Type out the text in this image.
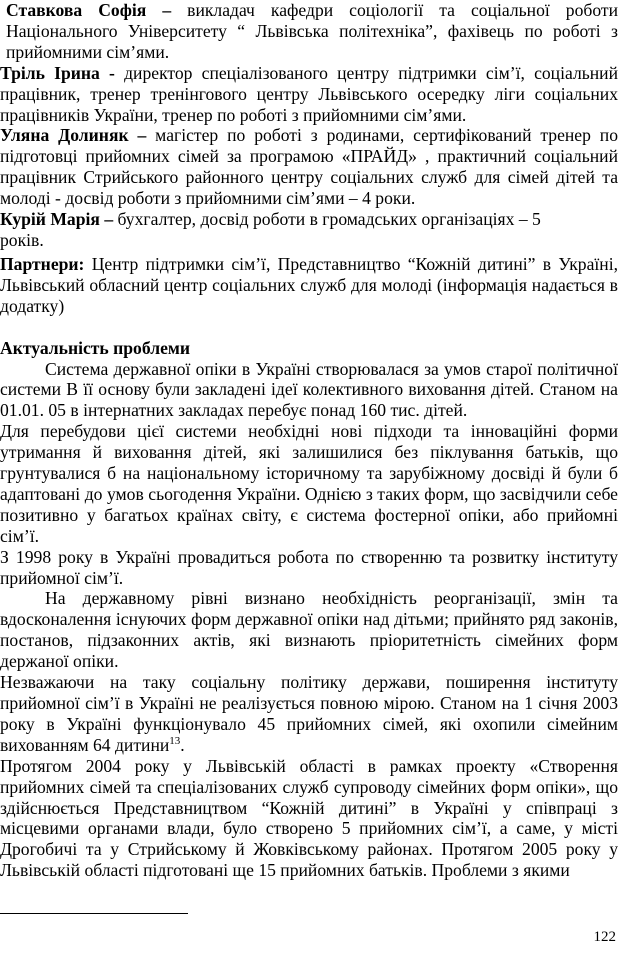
Ставкова Софія – викладач кафедри соціології та соціальної роботи Національного Університету “ Львівська політехніка”, фахівець по роботі з прийомними сім’ями.

Тріль Ірина - директор спеціалізованого центру підтримки сім’ї, соціальний працівник, тренер тренінгового центру Львівського осередку ліги соціальних працівників України, тренер по роботі з прийомними сім’ями.

Уляна Долиняк – магістер по роботі з родинами, сертифікований тренер по підготовці прийомних сімей за програмою «ПРАЙД» , практичний соціальний працівник Стрийського районного центру соціальних служб для сімей дітей та молоді - досвід роботи з прийомними сім’ями – 4 роки.

Курій Марія – бухгалтер, досвід роботи в громадських організаціях – 5 років.

Партнери: Центр підтримки сім’ї, Представництво “Кожній дитині” в Україні, Львівський обласний центр соціальних служб для молоді (інформація надається в додатку)

Актуальність проблеми

Система державної опіки в Україні створювалася за умов старої політичної системи В її основу були закладені ідеї колективного виховання дітей. Станом на 01.01. 05 в інтернатних закладах перебує понад 160 тис. дітей.

Для перебудови цієї системи необхідні нові підходи та інноваційні форми утримання й виховання дітей, які залишилися без піклування батьків, що грунтувалися б на національному історичному та зарубіжному досвіді й були б адаптовані до умов сьогодення України. Однією з таких форм, що засвідчили себе позитивно у багатьох країнах світу, є система фостерної опіки, або прийомні сім’ї.

З 1998 року в Україні провадиться робота по створенню та розвитку інституту прийомної сім’ї.

На державному рівні визнано необхідність реорганізації, змін та вдосконалення існуючих форм державної опіки над дітьми; прийнято ряд законів, постанов, підзаконних актів, які визнають пріоритетність сімейних форм держаної опіки.

Незважаючи на таку соціальну політику держави, поширення інституту прийомної сім’ї в Україні не реалізується повною мірою. Станом на 1 січня 2003 року в Україні функціонувало 45 прийомних сімей, які охопили сімейним вихованням 64 дитини$^{13}$.

Протягом 2004 року у Львівській області в рамках проекту «Створення прийомних сімей та спеціалізованих служб супроводу сімейних форм опіки», що здійснюється Представництвом “Кожній дитині” в Україні у співпраці з місцевими органами влади, було створено 5 прийомних сім’ї, а саме, у місті Дрогобичі та у Стрийському й Жовківському районах. Протягом 2005 року у Львівській області підготовані ще 15 прийомних батьків. Проблеми з якими

122
